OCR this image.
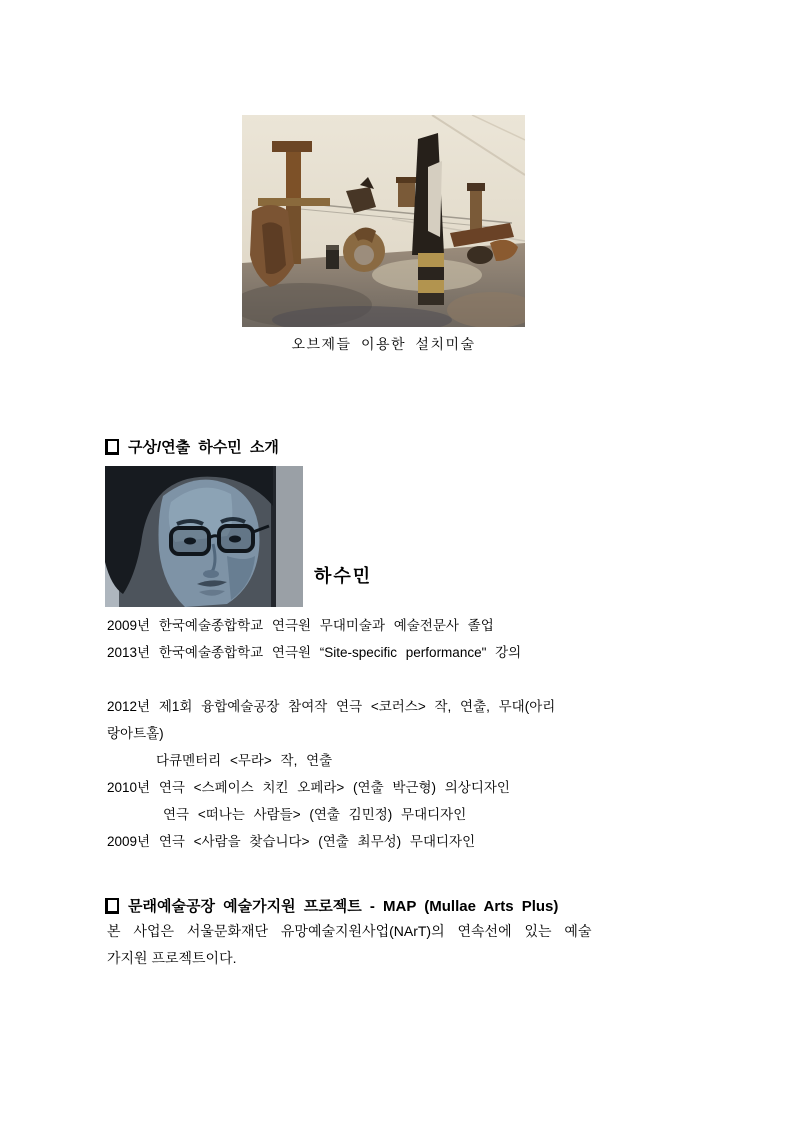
오브제들 이용한 설치미술
구상/연출 하수민 소개
하수민
2009년 한국예술종합학교 연극원 무대미술과 예술전문사 졸업
2013년 한국예술종합학교 연극원 “Site-specific performance" 강의
2012년 제1회 융합예술공장 참여작 연극 <코러스> 작, 연출, 무대(아리
랑아트홀)
다큐멘터리 <무라> 작, 연출
2010년 연극 <스페이스 치킨 오페라> (연출 박근형) 의상디자인
연극 <떠나는 사람들> (연출 김민정) 무대디자인
2009년 연극 <사람을 찾습니다> (연출 최무성) 무대디자인
문래예술공장 예술가지원 프로젝트 - MAP (Mullae Arts Plus)
본 사업은 서울문화재단 유망예술지원사업(NArT)의 연속선에 있는 예술
가지원 프로젝트이다.
